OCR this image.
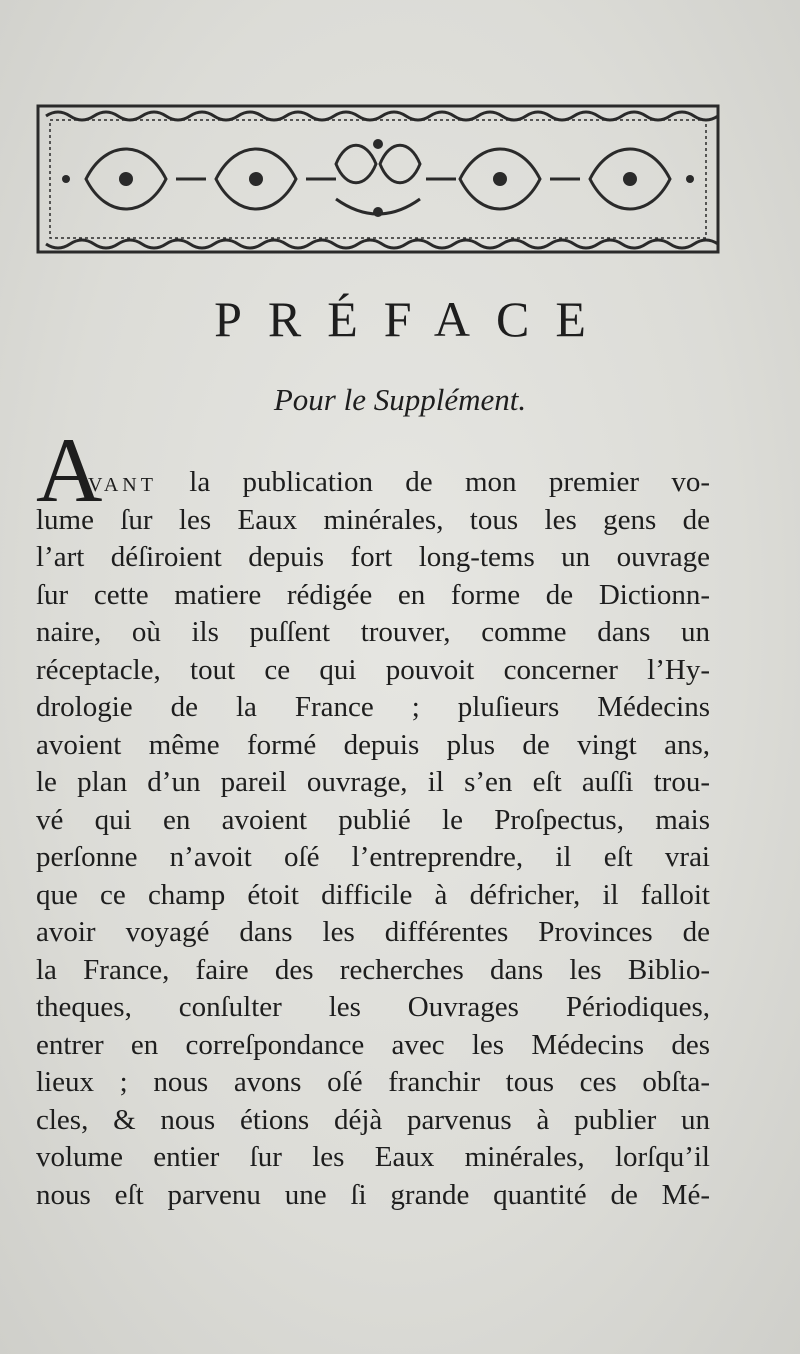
PRÉFACE
Pour le Supplément.
A
VANT la publication de mon premier vo-
lume ſur les Eaux minérales, tous les gens de
l’art déſiroient depuis fort long-tems un ouvrage
ſur cette matiere rédigée en forme de Dictionn-
naire, où ils puſſent trouver, comme dans un
réceptacle, tout ce qui pouvoit concerner l’Hy-
drologie de la France ; pluſieurs Médecins
avoient même formé depuis plus de vingt ans,
le plan d’un pareil ouvrage, il s’en eſt auſſi trou-
vé qui en avoient publié le Proſpectus, mais
perſonne n’avoit oſé l’entreprendre, il eſt vrai
que ce champ étoit difficile à défricher, il falloit
avoir voyagé dans les différentes Provinces de
la France, faire des recherches dans les Biblio-
theques, conſulter les Ouvrages Périodiques,
entrer en correſpondance avec les Médecins des
lieux ; nous avons oſé franchir tous ces obſta-
cles, & nous étions déjà parvenus à publier un
volume entier ſur les Eaux minérales, lorſqu’il
nous eſt parvenu une ſi grande quantité de Mé-
